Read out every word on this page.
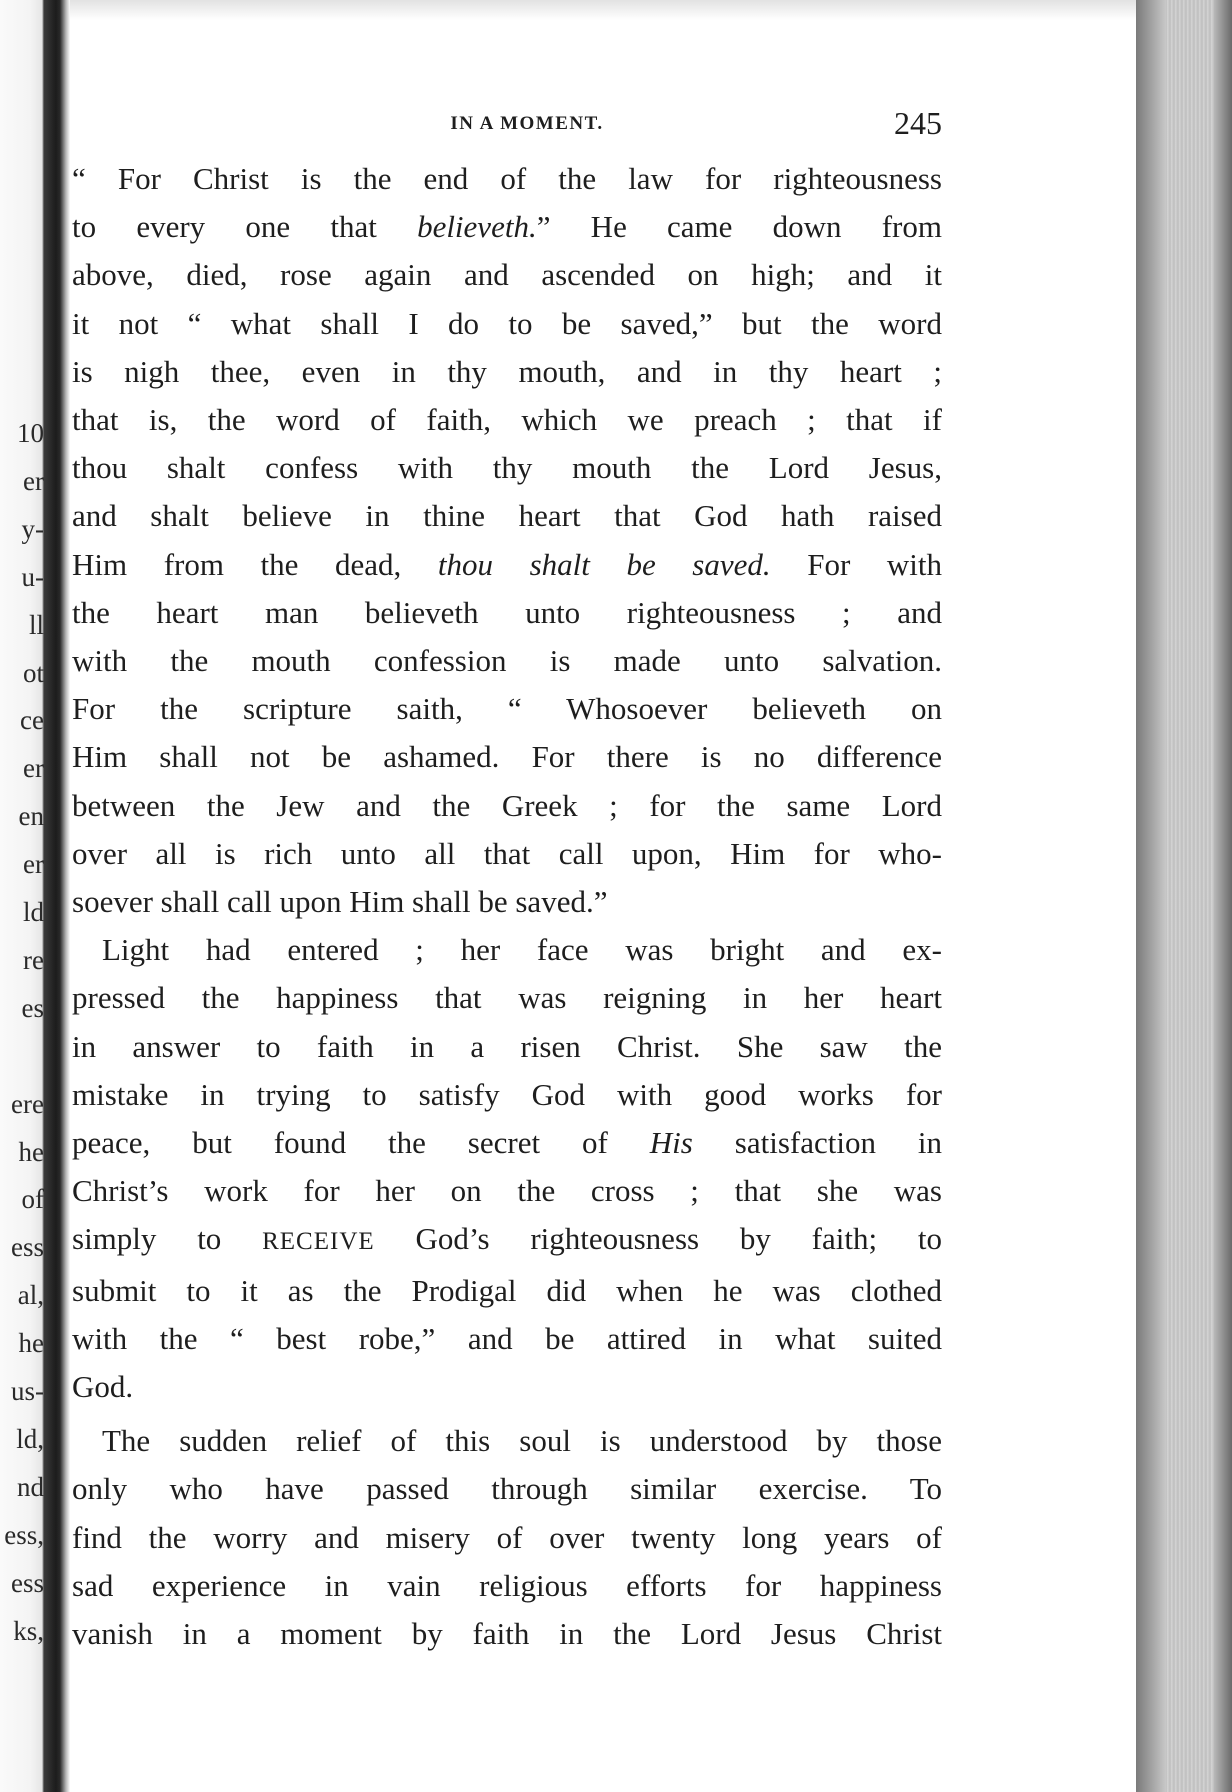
10
er
y-
u-
ll
ot
ce
er
en
er
ld
re
es
ere
he
of
ess
al,
he
us-
ld,
nd
ess,
ess
ks,
IN A MOMENT.	245
“ For Christ is the end of the law for righteousness
to every one that believeth.” He came down from
above, died, rose again and ascended on high; and it
it not “ what shall I do to be saved,” but the word
is nigh thee, even in thy mouth, and in thy heart ;
that is, the word of faith, which we preach ; that if
thou shalt confess with thy mouth the Lord Jesus,
and shalt believe in thine heart that God hath raised
Him from the dead, thou shalt be saved. For with
the heart man believeth unto righteousness ; and
with the mouth confession is made unto salvation.
For the scripture saith, “ Whosoever believeth on
Him shall not be ashamed. For there is no difference
between the Jew and the Greek ; for the same Lord
over all is rich unto all that call upon, Him for who-
soever shall call upon Him shall be saved.”
Light had entered ; her face was bright and ex-
pressed the happiness that was reigning in her heart
in answer to faith in a risen Christ. She saw the
mistake in trying to satisfy God with good works for
peace, but found the secret of His satisfaction in
Christ’s work for her on the cross ; that she was
simply to RECEIVE God’s righteousness by faith; to
submit to it as the Prodigal did when he was clothed
with the “ best robe,” and be attired in what suited
God.
The sudden relief of this soul is understood by those
only who have passed through similar exercise. To
find the worry and misery of over twenty long years of
sad experience in vain religious efforts for happiness
vanish in a moment by faith in the Lord Jesus Christ
